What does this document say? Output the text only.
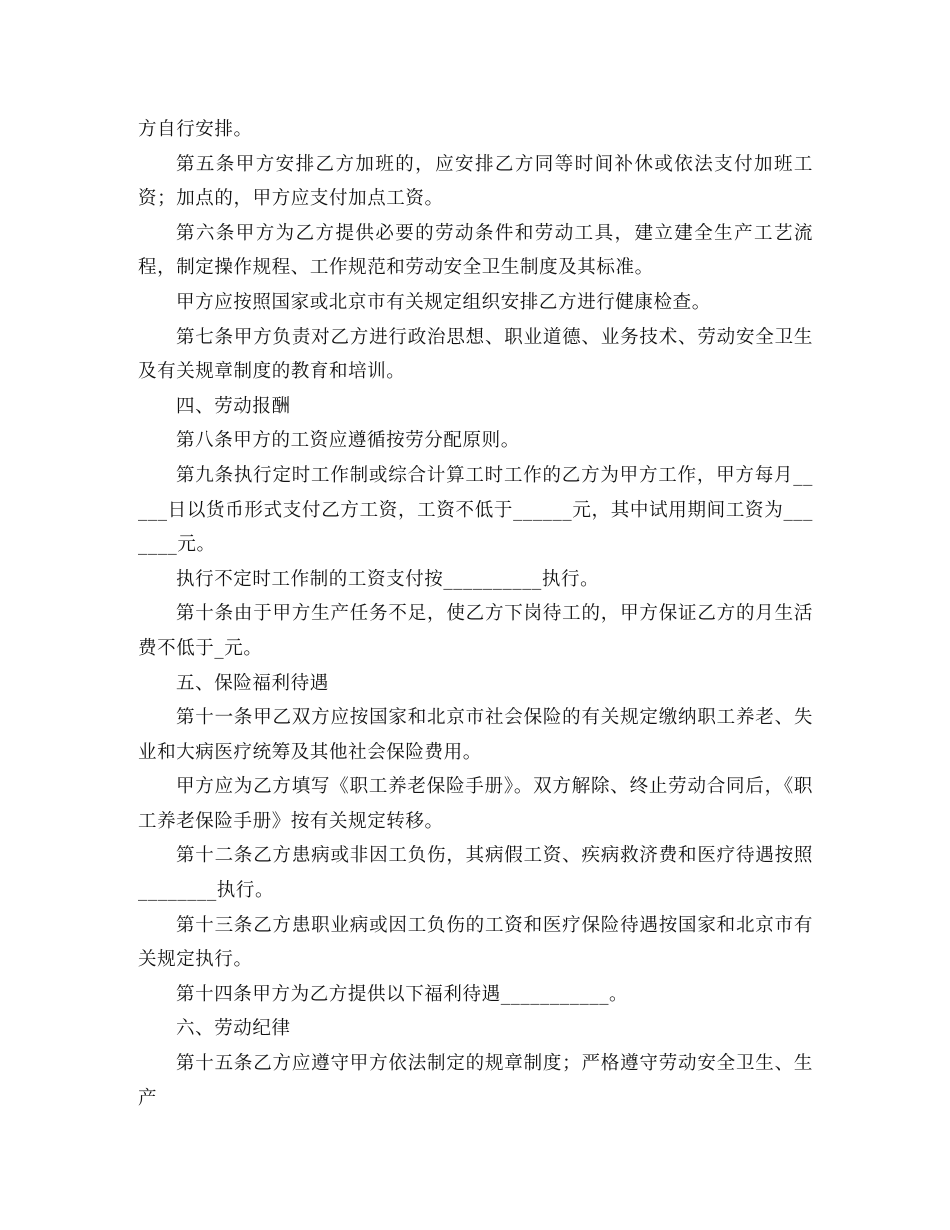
方自行安排。

第五条甲方安排乙方加班的，应安排乙方同等时间补休或依法支付加班工资；加点的，甲方应支付加点工资。

第六条甲方为乙方提供必要的劳动条件和劳动工具，建立建全生产工艺流程，制定操作规程、工作规范和劳动安全卫生制度及其标准。

甲方应按照国家或北京市有关规定组织安排乙方进行健康检查。

第七条甲方负责对乙方进行政治思想、职业道德、业务技术、劳动安全卫生及有关规章制度的教育和培训。

四、劳动报酬

第八条甲方的工资应遵循按劳分配原则。

第九条执行定时工作制或综合计算工时工作的乙方为甲方工作，甲方每月_____日以货币形式支付乙方工资，工资不低于______元，其中试用期间工资为_______元。

执行不定时工作制的工资支付按__________执行。

第十条由于甲方生产任务不足，使乙方下岗待工的，甲方保证乙方的月生活费不低于_元。

五、保险福利待遇

第十一条甲乙双方应按国家和北京市社会保险的有关规定缴纳职工养老、失业和大病医疗统筹及其他社会保险费用。

甲方应为乙方填写《职工养老保险手册》。双方解除、终止劳动合同后，《职工养老保险手册》按有关规定转移。

第十二条乙方患病或非因工负伤，其病假工资、疾病救济费和医疗待遇按照________执行。

第十三条乙方患职业病或因工负伤的工资和医疗保险待遇按国家和北京市有关规定执行。

第十四条甲方为乙方提供以下福利待遇___________。

六、劳动纪律

第十五条乙方应遵守甲方依法制定的规章制度；严格遵守劳动安全卫生、生产
